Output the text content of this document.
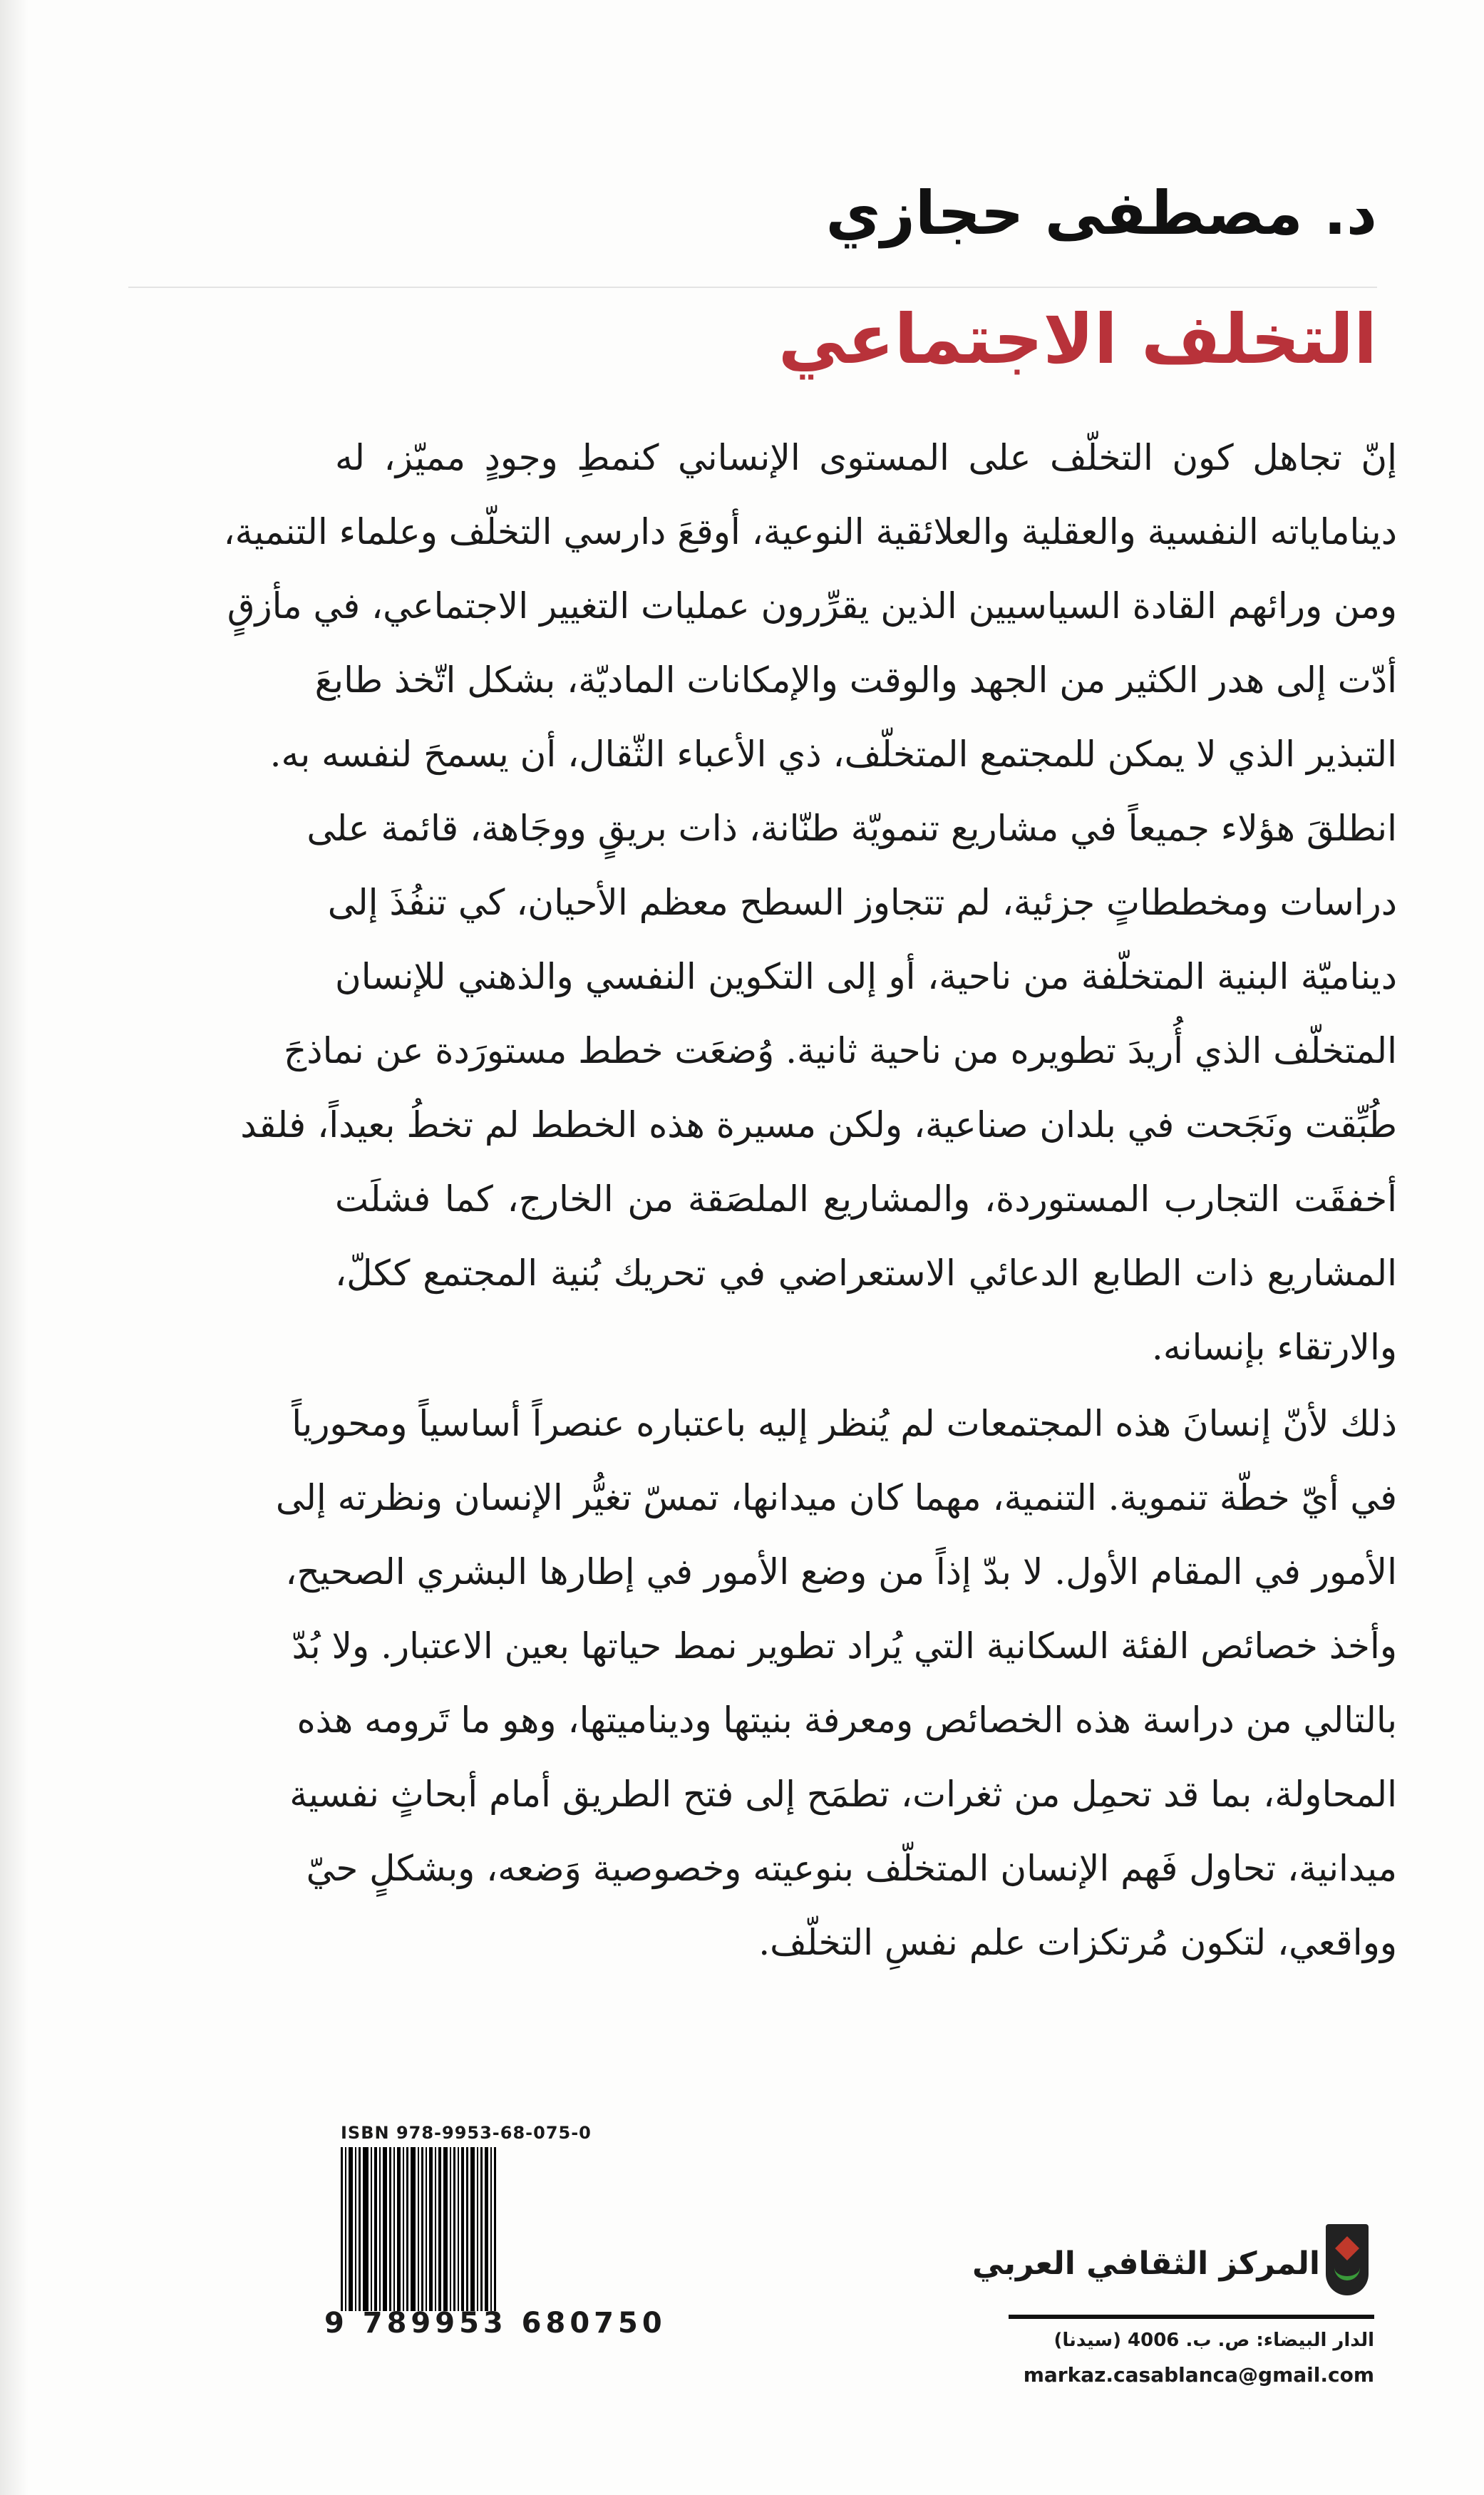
د. مصطفى حجازي
التخلف الاجتماعي
إنّ تجاهل كون التخلّف على المستوى الإنساني كنمطِ وجودٍ مميّز، له
ديناماياته النفسية والعقلية والعلائقية النوعية، أوقعَ دارسي التخلّف وعلماء التنمية،
ومن ورائهم القادة السياسيين الذين يقرِّرون عمليات التغيير الاجتماعي، في مأزقٍ
أدّت إلى هدر الكثير من الجهد والوقت والإمكانات الماديّة، بشكل اتّخذ طابعَ
التبذير الذي لا يمكن للمجتمع المتخلّف، ذي الأعباء الثّقال، أن يسمحَ لنفسه به.
انطلقَ هؤلاء جميعاً في مشاريع تنمويّة طنّانة، ذات بريقٍ ووجَاهة، قائمة على
دراسات ومخططاتٍ جزئية، لم تتجاوز السطح معظم الأحيان، كي تنفُذَ إلى
ديناميّة البنية المتخلّفة من ناحية، أو إلى التكوين النفسي والذهني للإنسان
المتخلّف الذي أُريدَ تطويره من ناحية ثانية. وُضعَت خطط مستورَدة عن نماذجَ
طُبِّقت ونَجَحت في بلدان صناعية، ولكن مسيرة هذه الخطط لم تخطُ بعيداً، فلقد
أخفقَت التجارب المستوردة، والمشاريع الملصَقة من الخارج، كما فشلَت
المشاريع ذات الطابع الدعائي الاستعراضي في تحريك بُنية المجتمع ككلّ،
والارتقاء بإنسانه.
ذلك لأنّ إنسانَ هذه المجتمعات لم يُنظر إليه باعتباره عنصراً أساسياً ومحورياً
في أيّ خطّة تنموية. التنمية، مهما كان ميدانها، تمسّ تغيُّر الإنسان ونظرته إلى
الأمور في المقام الأول. لا بدّ إذاً من وضع الأمور في إطارها البشري الصحيح،
وأخذ خصائص الفئة السكانية التي يُراد تطوير نمط حياتها بعين الاعتبار. ولا بُدّ
بالتالي من دراسة هذه الخصائص ومعرفة بنيتها وديناميتها، وهو ما تَرومه هذه
المحاولة، بما قد تحمِل من ثغرات، تطمَح إلى فتح الطريق أمام أبحاثٍ نفسية
ميدانية، تحاول فَهم الإنسان المتخلّف بنوعيته وخصوصية وَضعه، وبشكلٍ حيّ
وواقعي، لتكون مُرتكزات علم نفسِ التخلّف.
ISBN 978-9953-68-075-0
9 789953 680750
المركز الثقافي العربي
الدار البيضاء: ص. ب. 4006 (سيدنا)
markaz.casablanca@gmail.com
